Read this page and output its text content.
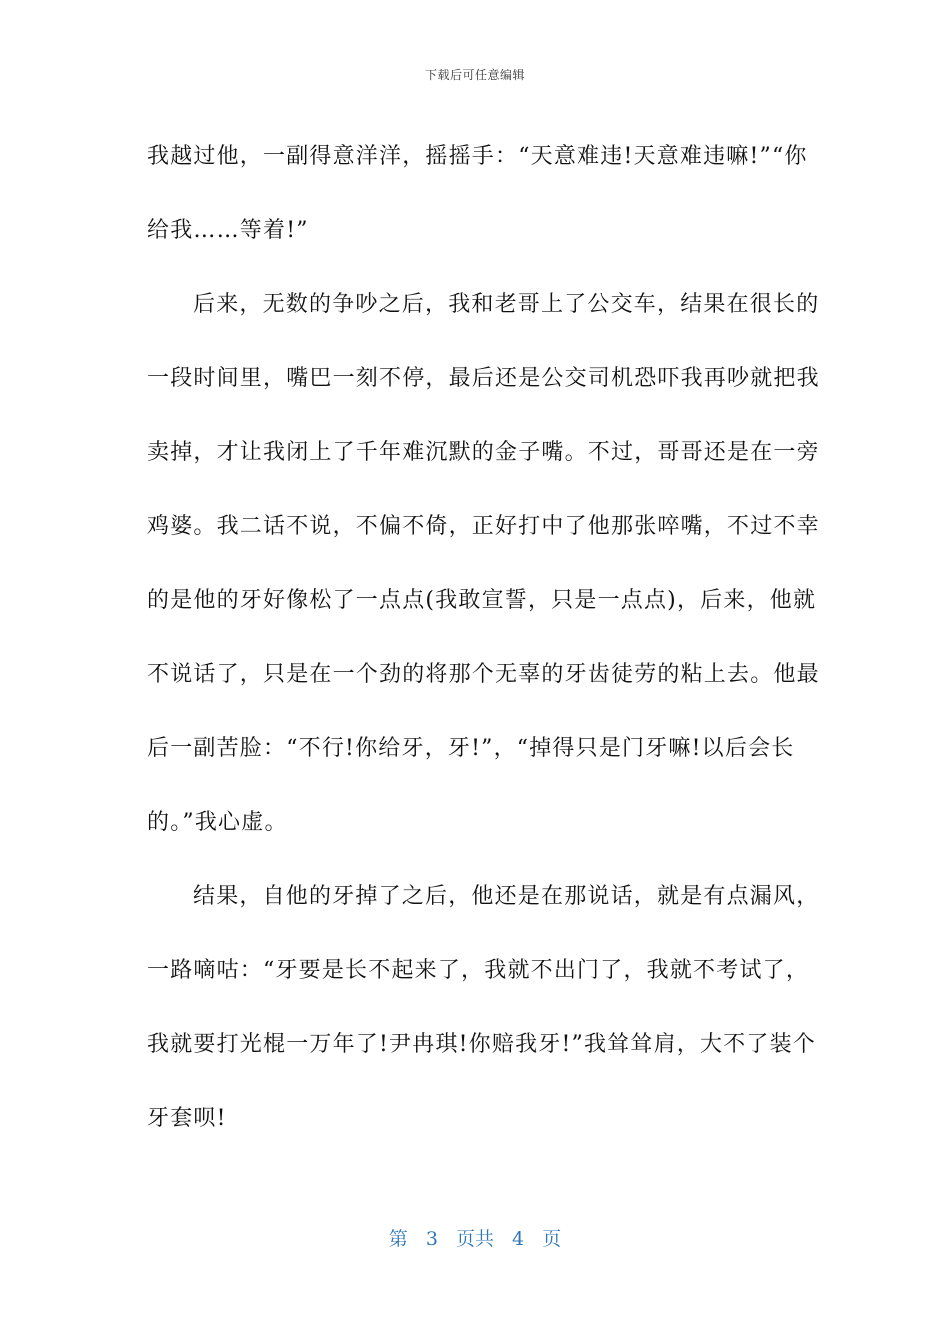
下载后可任意编辑

我越过他，一副得意洋洋，摇摇手：“天意难违!天意难违嘛!”“你给我……等着!”

后来，无数的争吵之后，我和老哥上了公交车，结果在很长的一段时间里，嘴巴一刻不停，最后还是公交司机恐吓我再吵就把我卖掉，才让我闭上了千年难沉默的金子嘴。不过，哥哥还是在一旁鸡婆。我二话不说，不偏不倚，正好打中了他那张啐嘴，不过不幸的是他的牙好像松了一点点(我敢宣誓，只是一点点)，后来，他就不说话了，只是在一个劲的将那个无辜的牙齿徒劳的粘上去。他最后一副苦脸：“不行!你给牙，牙!”，“掉得只是门牙嘛!以后会长的。”我心虚。

结果，自他的牙掉了之后，他还是在那说话，就是有点漏风，一路嘀咕：“牙要是长不起来了，我就不出门了，我就不考试了，我就要打光棍一万年了!尹冉琪!你赔我牙!”我耸耸肩，大不了装个牙套呗!

第 3 页共 4 页
